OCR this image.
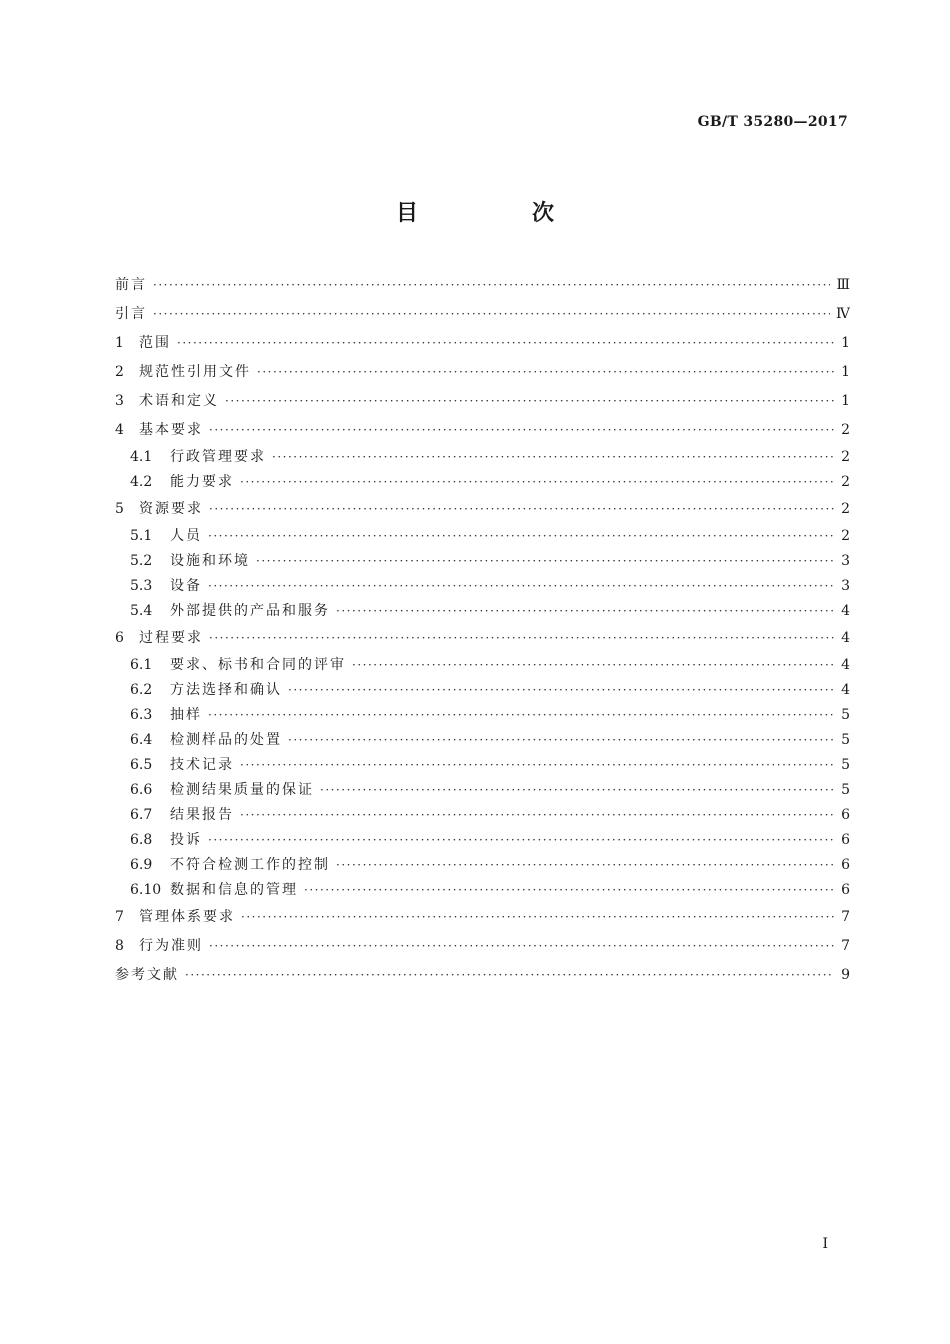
GB/T 35280—2017
目　次
前言 ·····	Ⅲ
引言 ·····	Ⅳ
1	范围 ·····	1
2	规范性引用文件 ·····	1
3	术语和定义 ·····	1
4	基本要求 ·····	2
4.1	行政管理要求 ·····	2
4.2	能力要求 ·····	2
5	资源要求 ·····	2
5.1	人员 ·····	2
5.2	设施和环境 ·····	3
5.3	设备 ·····	3
5.4	外部提供的产品和服务 ·····	4
6	过程要求 ·····	4
6.1	要求、标书和合同的评审 ·····	4
6.2	方法选择和确认 ·····	4
6.3	抽样 ·····	5
6.4	检测样品的处置 ·····	5
6.5	技术记录 ·····	5
6.6	检测结果质量的保证 ·····	5
6.7	结果报告 ·····	6
6.8	投诉 ·····	6
6.9	不符合检测工作的控制 ·····	6
6.10 数据和信息的管理 ·····	6
7	管理体系要求 ·····	7
8	行为准则 ·····	7
参考文献 ·····	9
Ⅰ
